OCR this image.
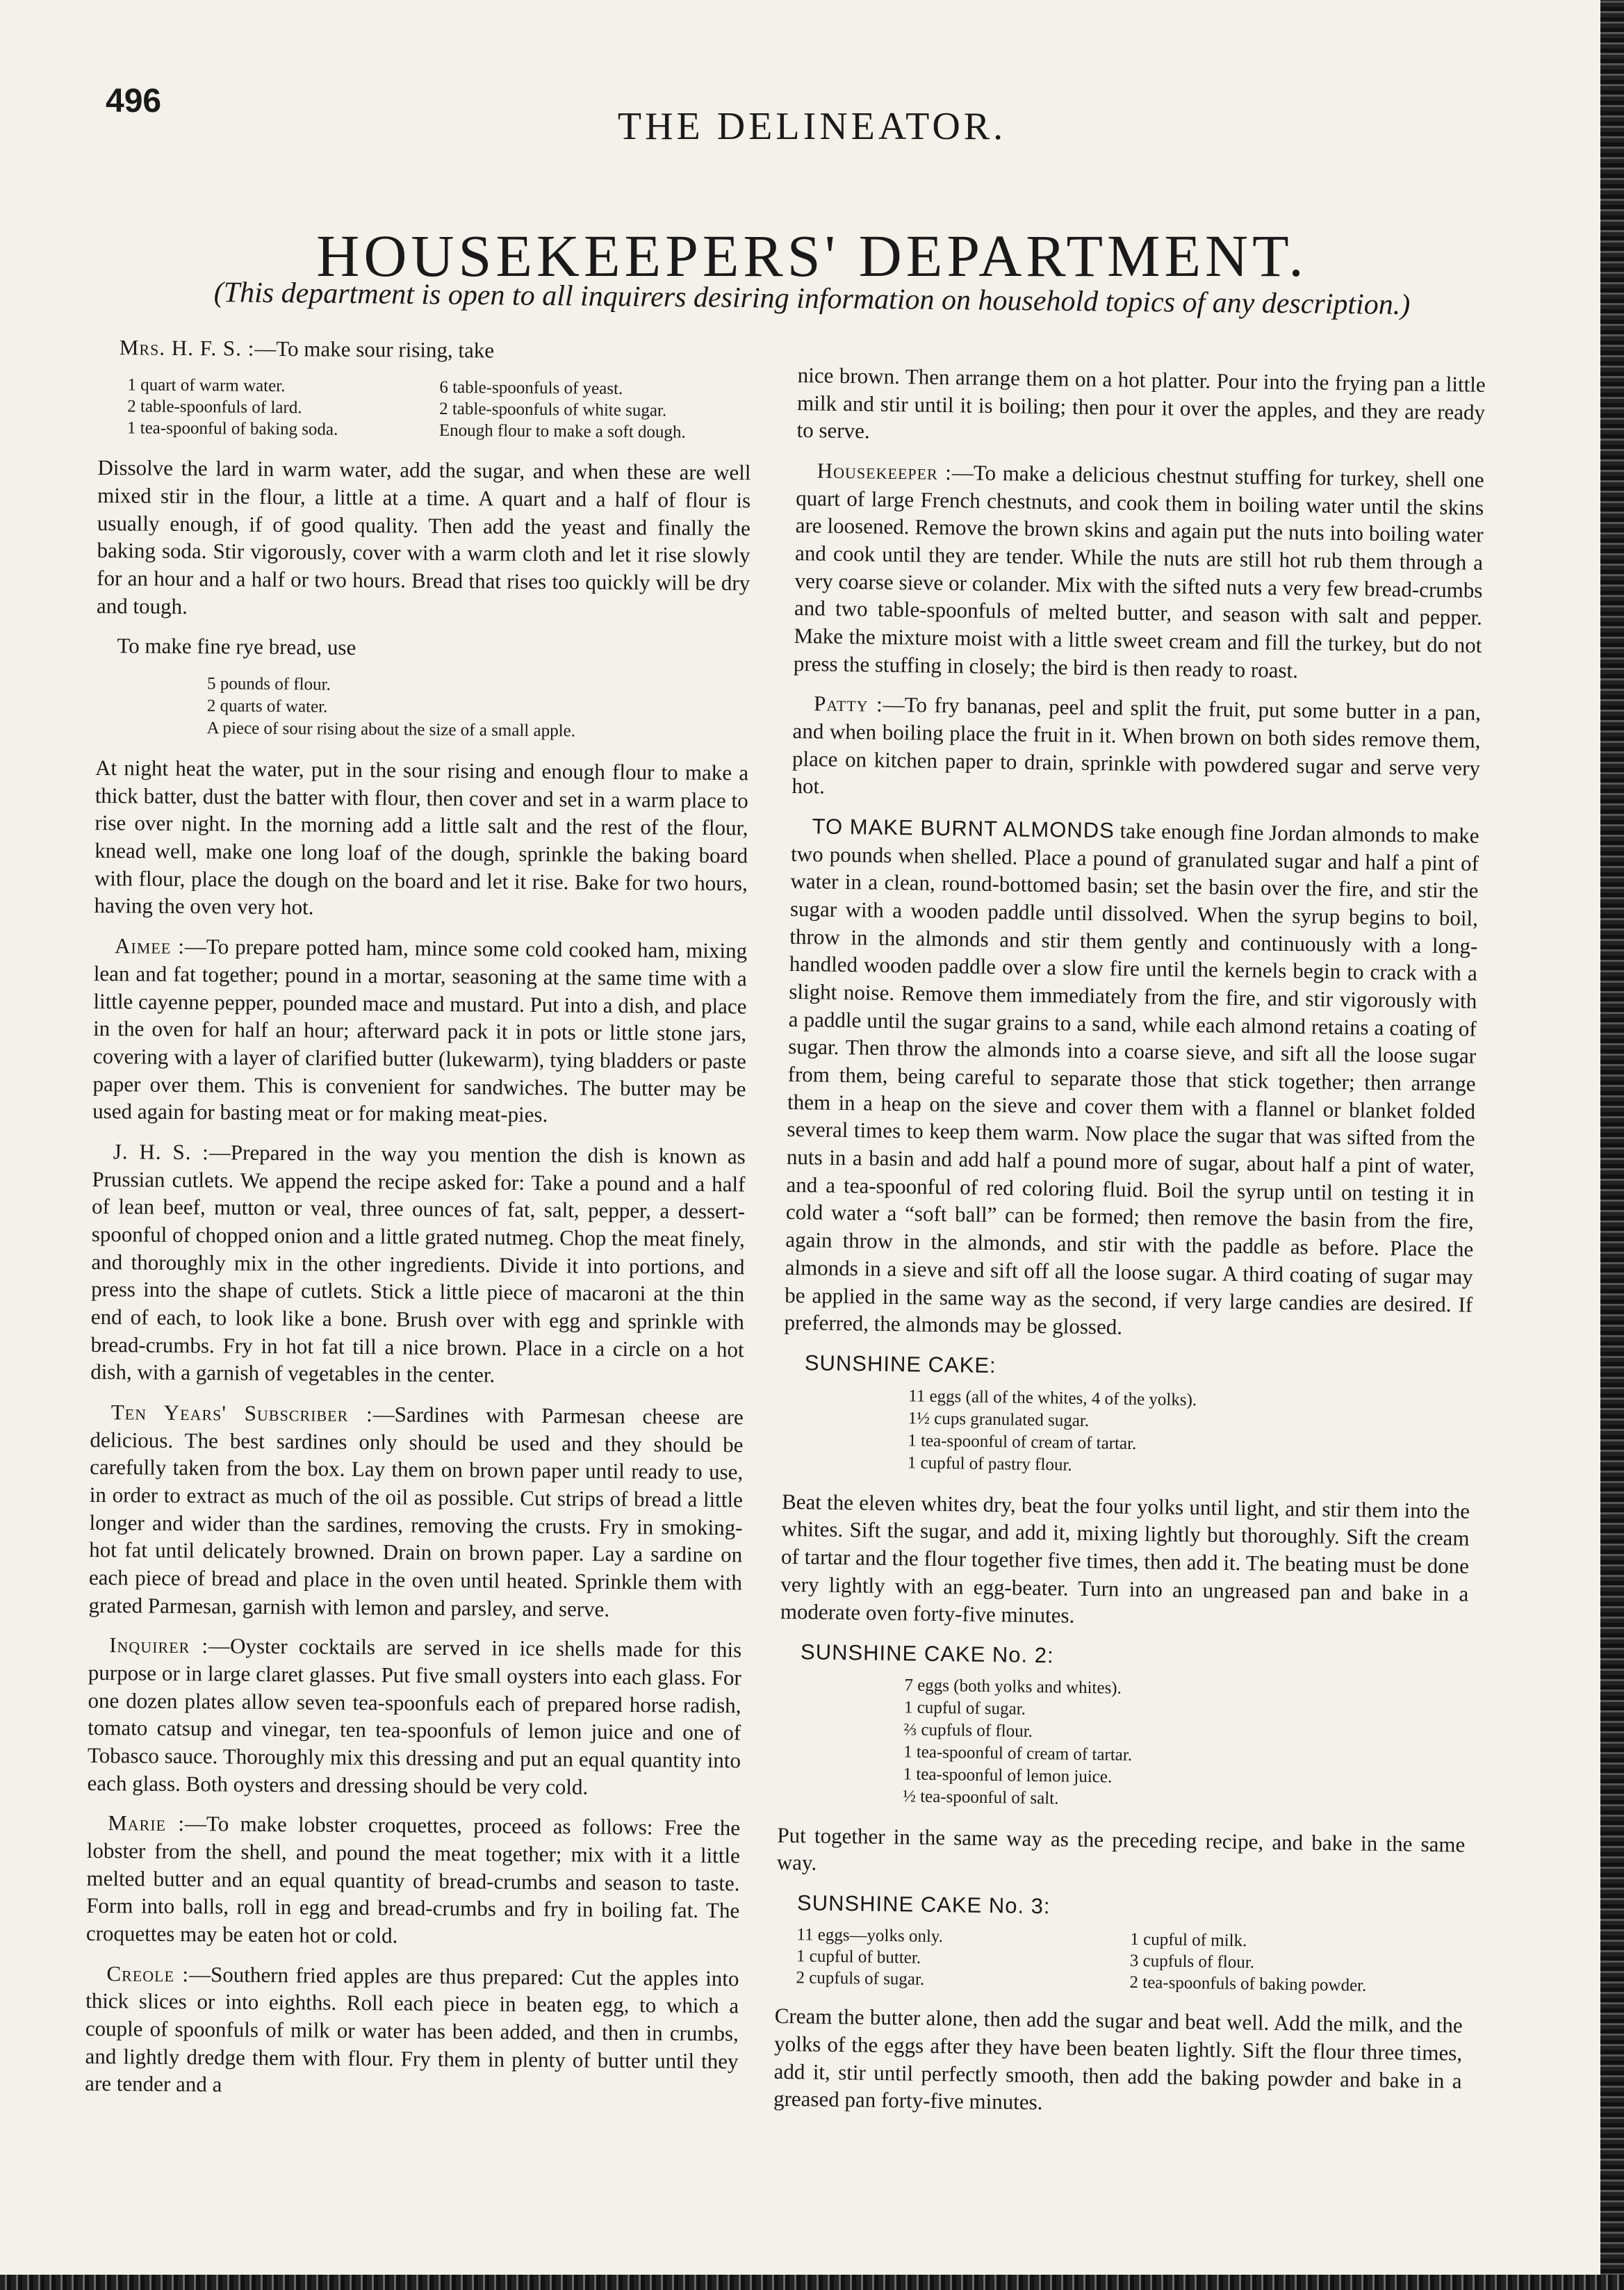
496
THE DELINEATOR.
HOUSEKEEPERS' DEPARTMENT.
(This department is open to all inquirers desiring information on household topics of any description.)

Mrs. H. F. S. :—To make sour rising, take

1 quart of warm water.	6 table-spoonfuls of yeast.
2 table-spoonfuls of lard.	2 table-spoonfuls of white sugar.
1 tea-spoonful of baking soda.	Enough flour to make a soft dough.

Dissolve the lard in warm water, add the sugar, and when these are well mixed stir in the flour, a little at a time. A quart and a half of flour is usually enough, if of good quality. Then add the yeast and finally the baking soda. Stir vigorously, cover with a warm cloth and let it rise slowly for an hour and a half or two hours. Bread that rises too quickly will be dry and tough.

To make fine rye bread, use

5 pounds of flour.
2 quarts of water.
A piece of sour rising about the size of a small apple.

At night heat the water, put in the sour rising and enough flour to make a thick batter, dust the batter with flour, then cover and set in a warm place to rise over night. In the morning add a little salt and the rest of the flour, knead well, make one long loaf of the dough, sprinkle the baking board with flour, place the dough on the board and let it rise. Bake for two hours, having the oven very hot.

Aimee :—To prepare potted ham, mince some cold cooked ham, mixing lean and fat together; pound in a mortar, seasoning at the same time with a little cayenne pepper, pounded mace and mustard. Put into a dish, and place in the oven for half an hour; afterward pack it in pots or little stone jars, covering with a layer of clarified butter (lukewarm), tying bladders or paste paper over them. This is convenient for sandwiches. The butter may be used again for basting meat or for making meat-pies.

J. H. S. :—Prepared in the way you mention the dish is known as Prussian cutlets. We append the recipe asked for: Take a pound and a half of lean beef, mutton or veal, three ounces of fat, salt, pepper, a dessert-spoonful of chopped onion and a little grated nutmeg. Chop the meat finely, and thoroughly mix in the other ingredients. Divide it into portions, and press into the shape of cutlets. Stick a little piece of macaroni at the thin end of each, to look like a bone. Brush over with egg and sprinkle with bread-crumbs. Fry in hot fat till a nice brown. Place in a circle on a hot dish, with a garnish of vegetables in the center.

Ten Years' Subscriber :—Sardines with Parmesan cheese are delicious. The best sardines only should be used and they should be carefully taken from the box. Lay them on brown paper until ready to use, in order to extract as much of the oil as possible. Cut strips of bread a little longer and wider than the sardines, removing the crusts. Fry in smoking-hot fat until delicately browned. Drain on brown paper. Lay a sardine on each piece of bread and place in the oven until heated. Sprinkle them with grated Parmesan, garnish with lemon and parsley, and serve.

Inquirer :—Oyster cocktails are served in ice shells made for this purpose or in large claret glasses. Put five small oysters into each glass. For one dozen plates allow seven tea-spoonfuls each of prepared horse radish, tomato catsup and vinegar, ten tea-spoonfuls of lemon juice and one of Tobasco sauce. Thoroughly mix this dressing and put an equal quantity into each glass. Both oysters and dressing should be very cold.

Marie :—To make lobster croquettes, proceed as follows: Free the lobster from the shell, and pound the meat together; mix with it a little melted butter and an equal quantity of bread-crumbs and season to taste. Form into balls, roll in egg and bread-crumbs and fry in boiling fat. The croquettes may be eaten hot or cold.

Creole :—Southern fried apples are thus prepared: Cut the apples into thick slices or into eighths. Roll each piece in beaten egg, to which a couple of spoonfuls of milk or water has been added, and then in crumbs, and lightly dredge them with flour. Fry them in plenty of butter until they are tender and a

nice brown. Then arrange them on a hot platter. Pour into the frying pan a little milk and stir until it is boiling; then pour it over the apples, and they are ready to serve.

Housekeeper :—To make a delicious chestnut stuffing for turkey, shell one quart of large French chestnuts, and cook them in boiling water until the skins are loosened. Remove the brown skins and again put the nuts into boiling water and cook until they are tender. While the nuts are still hot rub them through a very coarse sieve or colander. Mix with the sifted nuts a very few bread-crumbs and two table-spoonfuls of melted butter, and season with salt and pepper. Make the mixture moist with a little sweet cream and fill the turkey, but do not press the stuffing in closely; the bird is then ready to roast.

Patty :—To fry bananas, peel and split the fruit, put some butter in a pan, and when boiling place the fruit in it. When brown on both sides remove them, place on kitchen paper to drain, sprinkle with powdered sugar and serve very hot.

TO MAKE BURNT ALMONDS take enough fine Jordan almonds to make two pounds when shelled. Place a pound of granulated sugar and half a pint of water in a clean, round-bottomed basin; set the basin over the fire, and stir the sugar with a wooden paddle until dissolved. When the syrup begins to boil, throw in the almonds and stir them gently and continuously with a long-handled wooden paddle over a slow fire until the kernels begin to crack with a slight noise. Remove them immediately from the fire, and stir vigorously with a paddle until the sugar grains to a sand, while each almond retains a coating of sugar. Then throw the almonds into a coarse sieve, and sift all the loose sugar from them, being careful to separate those that stick together; then arrange them in a heap on the sieve and cover them with a flannel or blanket folded several times to keep them warm. Now place the sugar that was sifted from the nuts in a basin and add half a pound more of sugar, about half a pint of water, and a tea-spoonful of red coloring fluid. Boil the syrup until on testing it in cold water a “soft ball” can be formed; then remove the basin from the fire, again throw in the almonds, and stir with the paddle as before. Place the almonds in a sieve and sift off all the loose sugar. A third coating of sugar may be applied in the same way as the second, if very large candies are desired. If preferred, the almonds may be glossed.

SUNSHINE CAKE:
11 eggs (all of the whites, 4 of the yolks).
1½ cups granulated sugar.
1 tea-spoonful of cream of tartar.
1 cupful of pastry flour.

Beat the eleven whites dry, beat the four yolks until light, and stir them into the whites. Sift the sugar, and add it, mixing lightly but thoroughly. Sift the cream of tartar and the flour together five times, then add it. The beating must be done very lightly with an egg-beater. Turn into an ungreased pan and bake in a moderate oven forty-five minutes.

SUNSHINE CAKE No. 2:
7 eggs (both yolks and whites).
1 cupful of sugar.
⅔ cupfuls of flour.
1 tea-spoonful of cream of tartar.
1 tea-spoonful of lemon juice.
½ tea-spoonful of salt.

Put together in the same way as the preceding recipe, and bake in the same way.

SUNSHINE CAKE No. 3:
11 eggs—yolks only.	1 cupful of milk.
1 cupful of butter.	3 cupfuls of flour.
2 cupfuls of sugar.	2 tea-spoonfuls of baking powder.

Cream the butter alone, then add the sugar and beat well. Add the milk, and the yolks of the eggs after they have been beaten lightly. Sift the flour three times, add it, stir until perfectly smooth, then add the baking powder and bake in a greased pan forty-five minutes.
